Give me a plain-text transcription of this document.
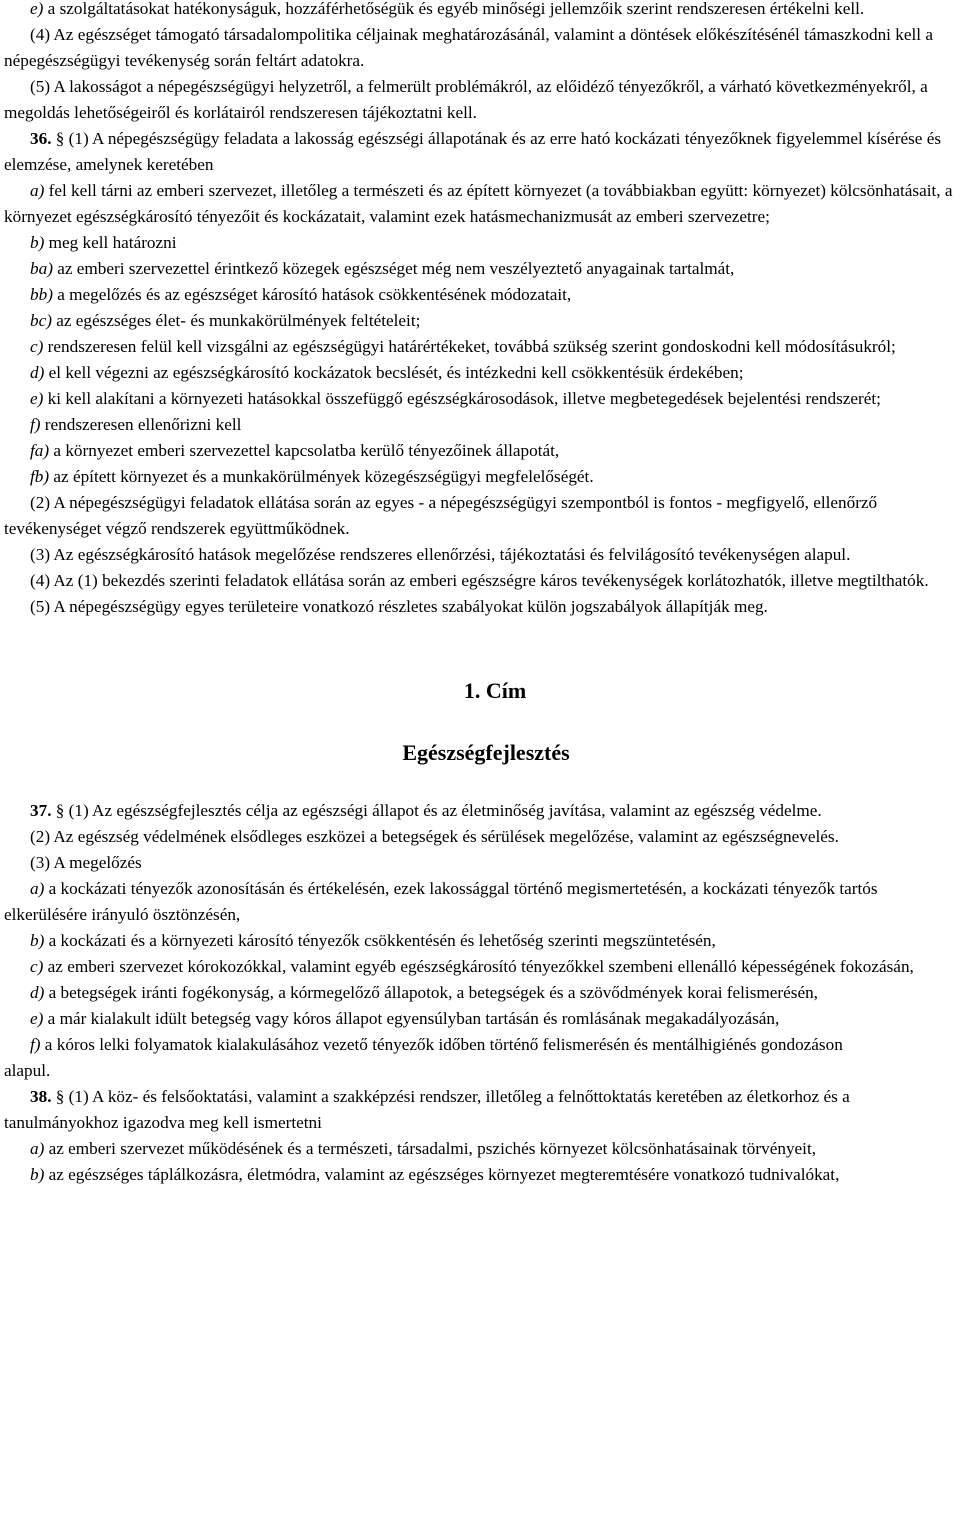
e) a szolgáltatásokat hatékonyságuk, hozzáférhetőségük és egyéb minőségi jellemzőik szerint rendszeresen értékelni kell.

(4) Az egészséget támogató társadalompolitika céljainak meghatározásánál, valamint a döntések előkészítésénél támaszkodni kell a népegészségügyi tevékenység során feltárt adatokra.

(5) A lakosságot a népegészségügyi helyzetről, a felmerült problémákról, az előidéző tényezőkről, a várható következményekről, a megoldás lehetőségeiről és korlátairól rendszeresen tájékoztatni kell.

36. § (1) A népegészségügy feladata a lakosság egészségi állapotának és az erre ható kockázati tényezőknek figyelemmel kísérése és elemzése, amelynek keretében

a) fel kell tárni az emberi szervezet, illetőleg a természeti és az épített környezet (a továbbiakban együtt: környezet) kölcsönhatásait, a környezet egészségkárosító tényezőit és kockázatait, valamint ezek hatásmechanizmusát az emberi szervezetre;

b) meg kell határozni

ba) az emberi szervezettel érintkező közegek egészséget még nem veszélyeztető anyagainak tartalmát,

bb) a megelőzés és az egészséget károsító hatások csökkentésének módozatait,

bc) az egészséges élet- és munkakörülmények feltételeit;

c) rendszeresen felül kell vizsgálni az egészségügyi határértékeket, továbbá szükség szerint gondoskodni kell módosításukról;

d) el kell végezni az egészségkárosító kockázatok becslését, és intézkedni kell csökkentésük érdekében;

e) ki kell alakítani a környezeti hatásokkal összefüggő egészségkárosodások, illetve megbetegedések bejelentési rendszerét;

f) rendszeresen ellenőrizni kell

fa) a környezet emberi szervezettel kapcsolatba kerülő tényezőinek állapotát,

fb) az épített környezet és a munkakörülmények közegészségügyi megfelelőségét.

(2) A népegészségügyi feladatok ellátása során az egyes - a népegészségügyi szempontból is fontos - megfigyelő, ellenőrző tevékenységet végző rendszerek együttműködnek.

(3) Az egészségkárosító hatások megelőzése rendszeres ellenőrzési, tájékoztatási és felvilágosító tevékenységen alapul.

(4) Az (1) bekezdés szerinti feladatok ellátása során az emberi egészségre káros tevékenységek korlátozhatók, illetve megtilthatók.

(5) A népegészségügy egyes területeire vonatkozó részletes szabályokat külön jogszabályok állapítják meg.

1. Cím
Egészségfejlesztés

37. § (1) Az egészségfejlesztés célja az egészségi állapot és az életminőség javítása, valamint az egészség védelme.

(2) Az egészség védelmének elsődleges eszközei a betegségek és sérülések megelőzése, valamint az egészségnevelés.

(3) A megelőzés

a) a kockázati tényezők azonosításán és értékelésén, ezek lakossággal történő megismertetésén, a kockázati tényezők tartós elkerülésére irányuló ösztönzésén,

b) a kockázati és a környezeti károsító tényezők csökkentésén és lehetőség szerinti megszüntetésén,

c) az emberi szervezet kórokozókkal, valamint egyéb egészségkárosító tényezőkkel szembeni ellenálló képességének fokozásán,

d) a betegségek iránti fogékonyság, a kórmegelőző állapotok, a betegségek és a szövődmények korai felismerésén,

e) a már kialakult idült betegség vagy kóros állapot egyensúlyban tartásán és romlásának megakadályozásán,

f) a kóros lelki folyamatok kialakulásához vezető tényezők időben történő felismerésén és mentálhigiénés gondozáson

alapul.

38. § (1) A köz- és felsőoktatási, valamint a szakképzési rendszer, illetőleg a felnőttoktatás keretében az életkorhoz és a tanulmányokhoz igazodva meg kell ismertetni

a) az emberi szervezet működésének és a természeti, társadalmi, pszichés környezet kölcsönhatásainak törvényeit,

b) az egészséges táplálkozásra, életmódra, valamint az egészséges környezet megteremtésére vonatkozó tudnivalókat,
